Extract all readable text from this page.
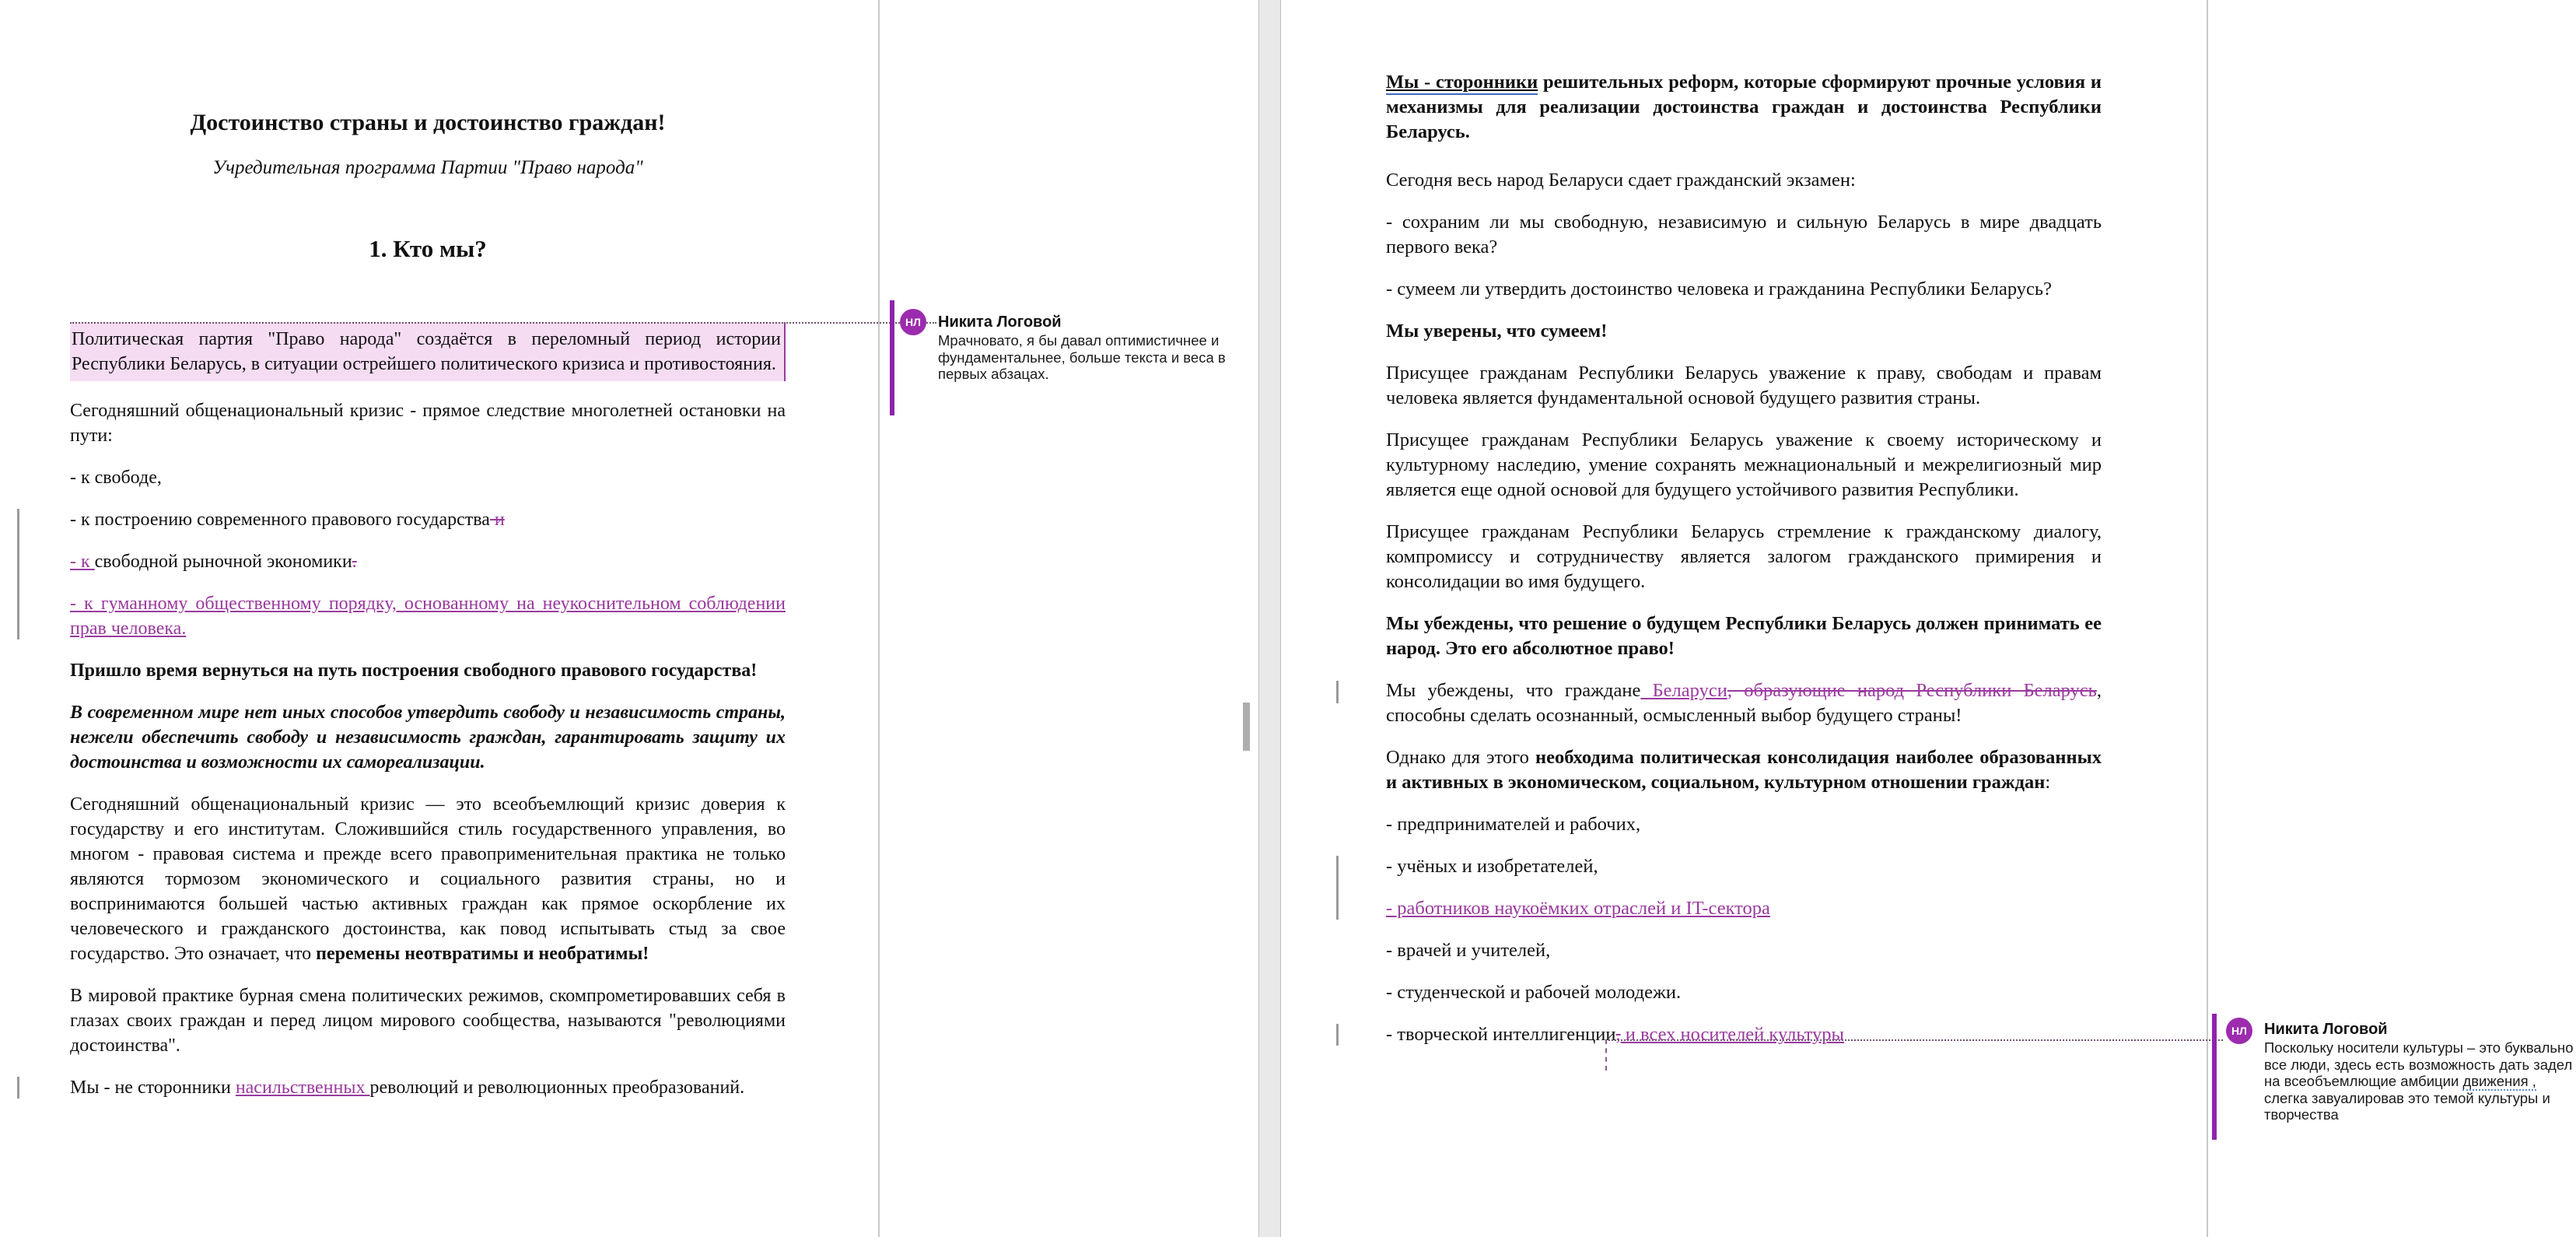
Достоинство страны и достоинство граждан!

Учредительная программа Партии "Право народа"

1. Кто мы?

Политическая партия "Право народа" создаётся в переломный период истории Республики Беларусь, в ситуации острейшего политического кризиса и противостояния.

Сегодняшний общенациональный кризис - прямое следствие многолетней остановки на пути:

- к свободе,

- к построению современного правового государства и

- к свободной рыночной экономики.

- к гуманному общественному порядку, основанному на неукоснительном соблюдении прав человека.

Пришло время вернуться на путь построения свободного правового государства!

В современном мире нет иных способов утвердить свободу и независимость страны, нежели обеспечить свободу и независимость граждан, гарантировать защиту их достоинства и возможности их самореализации.

Сегодняшний общенациональный кризис — это всеобъемлющий кризис доверия к государству и его институтам. Сложившийся стиль государственного управления, во многом - правовая система и прежде всего правоприменительная практика не только являются тормозом экономического и социального развития страны, но и воспринимаются большей частью активных граждан как прямое оскорбление их человеческого и гражданского достоинства, как повод испытывать стыд за свое государство. Это означает, что перемены неотвратимы и необратимы!

В мировой практике бурная смена политических режимов, скомпрометировавших себя в глазах своих граждан и перед лицом мирового сообщества, называются "революциями достоинства".

Мы - не сторонники насильственных революций и революционных преобразований.

Мы - сторонники решительных реформ, которые сформируют прочные условия и механизмы для реализации достоинства граждан и достоинства Республики Беларусь.

Сегодня весь народ Беларуси сдает гражданский экзамен:

- сохраним ли мы свободную, независимую и сильную Беларусь в мире двадцать первого века?

- сумеем ли утвердить достоинство человека и гражданина Республики Беларусь?

Мы уверены, что сумеем!

Присущее гражданам Республики Беларусь уважение к праву, свободам и правам человека является фундаментальной основой будущего развития страны.

Присущее гражданам Республики Беларусь уважение к своему историческому и культурному наследию, умение сохранять межнациональный и межрелигиозный мир является еще одной основой для будущего устойчивого развития Республики.

Присущее гражданам Республики Беларусь стремление к гражданскому диалогу, компромиссу и сотрудничеству является залогом гражданского примирения и консолидации во имя будущего.

Мы убеждены, что решение о будущем Республики Беларусь должен принимать ее народ. Это его абсолютное право!

Мы убеждены, что граждане Беларуси, образующие народ Республики Беларусь, способны сделать осознанный, осмысленный выбор будущего страны!

Однако для этого необходима политическая консолидация наиболее образованных и активных в экономическом, социальном, культурном отношении граждан:

- предпринимателей и рабочих,

- учёных и изобретателей,

- работников наукоёмких отраслей и IT-сектора

- врачей и учителей,

- студенческой и рабочей молодежи.

- творческой интеллигенции, и всех носителей культуры

НЛ	Никита Логовой
Мрачновато, я бы давал оптимистичнее и фундаментальнее, больше текста и веса в первых абзацах.
НЛ	Никита Логовой
Поскольку носители культуры – это буквально все люди, здесь есть возможность дать задел на всеобъемлющие амбиции движения , слегка завуалировав это темой культуры и творчества
